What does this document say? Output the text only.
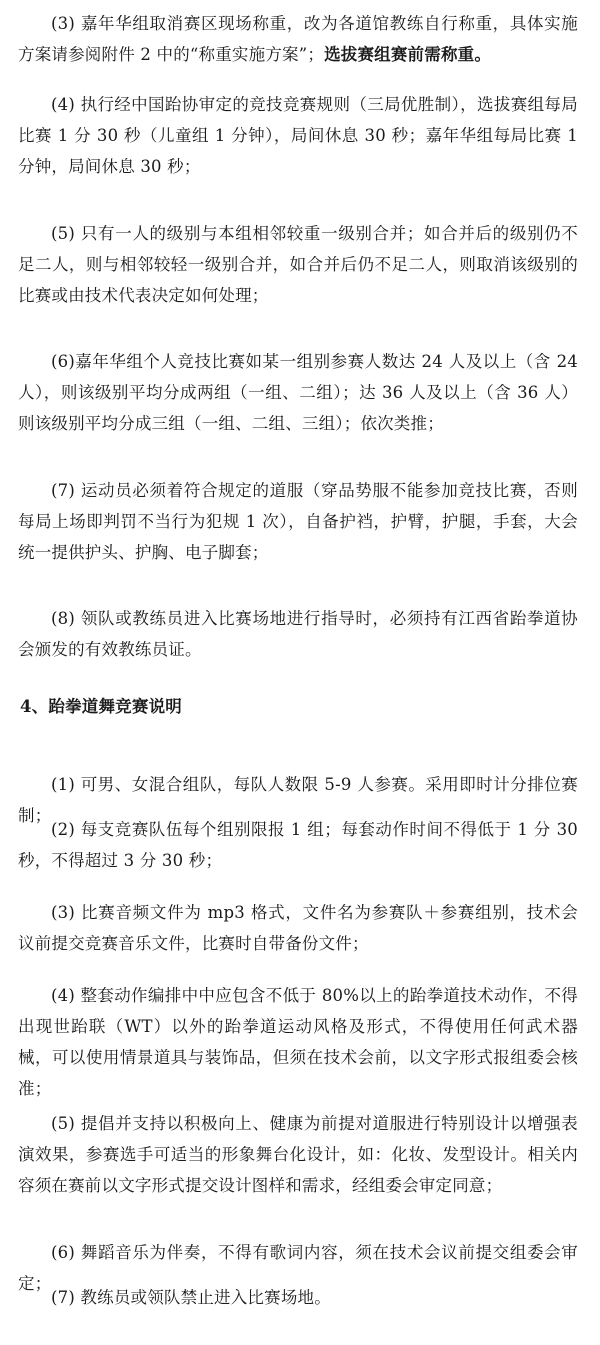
(3) 嘉年华组取消赛区现场称重，改为各道馆教练自行称重，具体实施方案请参阅附件 2 中的“称重实施方案”；选拔赛组赛前需称重。

(4) 执行经中国跆协审定的竞技竞赛规则（三局优胜制），选拔赛组每局比赛 1 分 30 秒（儿童组 1 分钟），局间休息 30 秒；嘉年华组每局比赛 1 分钟，局间休息 30 秒；

(5) 只有一人的级别与本组相邻较重一级别合并；如合并后的级别仍不足二人，则与相邻较轻一级别合并，如合并后仍不足二人，则取消该级别的比赛或由技术代表决定如何处理；

(6)嘉年华组个人竞技比赛如某一组别参赛人数达 24 人及以上（含 24 人），则该级别平均分成两组（一组、二组）；达 36 人及以上（含 36 人）则该级别平均分成三组（一组、二组、三组）；依次类推；

(7) 运动员必须着符合规定的道服（穿品势服不能参加竞技比赛，否则每局上场即判罚不当行为犯规 1 次），自备护裆，护臂，护腿，手套，大会统一提供护头、护胸、电子脚套；

(8) 领队或教练员进入比赛场地进行指导时，必须持有江西省跆拳道协会颁发的有效教练员证。

4、跆拳道舞竞赛说明

(1) 可男、女混合组队，每队人数限 5-9 人参赛。采用即时计分排位赛制；

(2) 每支竞赛队伍每个组别限报 1 组；每套动作时间不得低于 1 分 30 秒，不得超过 3 分 30 秒；

(3) 比赛音频文件为 mp3 格式，文件名为参赛队＋参赛组别，技术会议前提交竞赛音乐文件，比赛时自带备份文件；

(4) 整套动作编排中中应包含不低于 80%以上的跆拳道技术动作，不得出现世跆联（WT）以外的跆拳道运动风格及形式，不得使用任何武术器械，可以使用情景道具与装饰品，但须在技术会前，以文字形式报组委会核准；

(5) 提倡并支持以积极向上、健康为前提对道服进行特别设计以增强表演效果，参赛选手可适当的形象舞台化设计，如：化妆、发型设计。相关内容须在赛前以文字形式提交设计图样和需求，经组委会审定同意；

(6) 舞蹈音乐为伴奏，不得有歌词内容，须在技术会议前提交组委会审定；

(7) 教练员或领队禁止进入比赛场地。
